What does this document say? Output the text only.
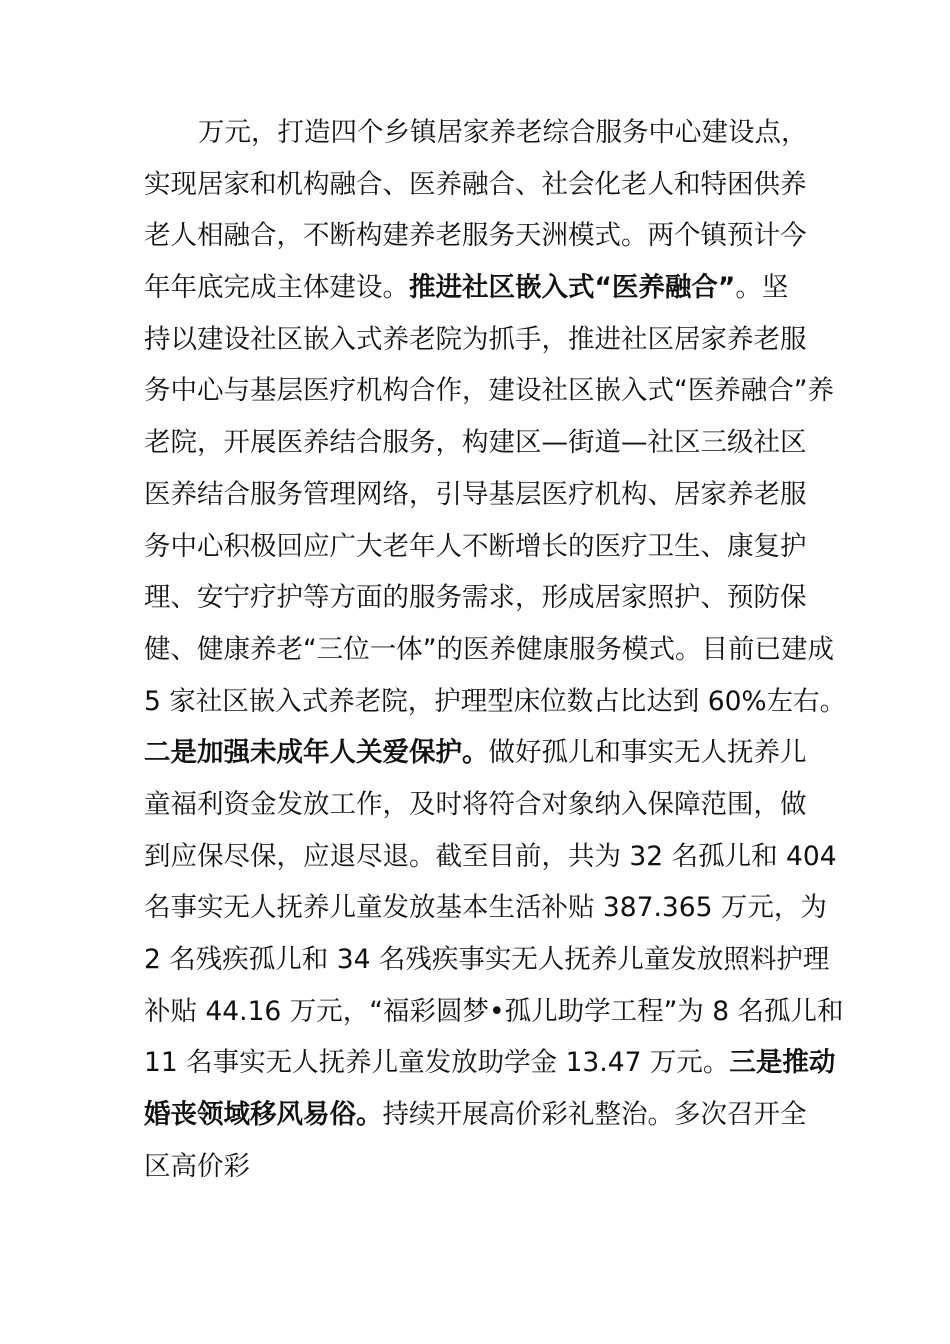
万元，打造四个乡镇居家养老综合服务中心建设点，
实现居家和机构融合、医养融合、社会化老人和特困供养
老人相融合，不断构建养老服务天洲模式。两个镇预计今
年年底完成主体建设。推进社区嵌入式“医养融合”。坚
持以建设社区嵌入式养老院为抓手，推进社区居家养老服
务中心与基层医疗机构合作，建设社区嵌入式“医养融合”养
老院，开展医养结合服务，构建区—街道—社区三级社区
医养结合服务管理网络，引导基层医疗机构、居家养老服
务中心积极回应广大老年人不断增长的医疗卫生、康复护
理、安宁疗护等方面的服务需求，形成居家照护、预防保
健、健康养老“三位一体”的医养健康服务模式。目前已建成
5 家社区嵌入式养老院，护理型床位数占比达到 60%左右。
二是加强未成年人关爱保护。做好孤儿和事实无人抚养儿
童福利资金发放工作，及时将符合对象纳入保障范围，做
到应保尽保，应退尽退。截至目前，共为 32 名孤儿和 404
名事实无人抚养儿童发放基本生活补贴 387.365 万元，为
2 名残疾孤儿和 34 名残疾事实无人抚养儿童发放照料护理
补贴 44.16 万元，“福彩圆梦•孤儿助学工程”为 8 名孤儿和
11 名事实无人抚养儿童发放助学金 13.47 万元。三是推动
婚丧领域移风易俗。持续开展高价彩礼整治。多次召开全
区高价彩
